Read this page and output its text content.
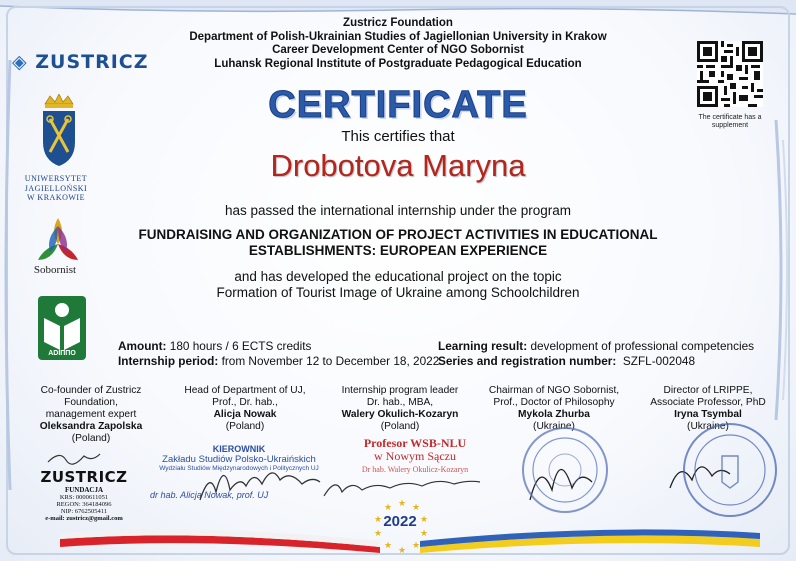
Zustricz Foundation
Department of Polish-Ukrainian Studies of Jagiellonian University in Krakow
Career Development Center of NGO Sobornist
Luhansk Regional Institute of Postgraduate Pedagogical Education
◈ ZUSTRICZ
UNIWERSYTET
JAGIELLOŃSKI
W KRAKOWIE
Sobornist
ADIППО
The certificate has a supplement
CERTIFICATE
This certifies that
Drobotova Maryna
has passed the international internship under the program
FUNDRAISING AND ORGANIZATION OF PROJECT ACTIVITIES IN EDUCATIONAL
ESTABLISHMENTS: EUROPEAN EXPERIENCE
and has developed the educational project on the topic
Formation of Tourist Image of Ukraine among Schoolchildren
Amount: 180 hours / 6 ECTS credits
Internship period: from November 12 to December 18, 2022
Learning result: development of professional competencies
Series and registration number: SZFL-002048
Co-founder of Zustricz Foundation,
management expert
Oleksandra Zapolska
(Poland)
Head of Department of UJ,
Prof., Dr. hab.,
Alicja Nowak
(Poland)
Internship program leader
Dr. hab., MBA,
Walery Okulich-Kozaryn
(Poland)
Chairman of NGO Sobornist,
Prof., Doctor of Philosophy
Mykola Zhurba
(Ukraine)
Director of LRIPPE,
Associate Professor, PhD
Iryna Tsymbal
(Ukraine)
ZUSTRICZ
FUNDACJA
KRS: 0000611051
REGON: 364184096
NIP: 6762505411
e-mail: zustricz@gmail.com
KIEROWNIK
Zakładu Studiów Polsko-Ukraińskich
Wydziału Studiów Międzynarodowych i Politycznych UJ
dr hab. Alicja Nowak, prof. UJ
Profesor WSB-NLU
w Nowym Sączu
Dr hab. Walery Okulicz-Kozaryn
★ ★
★
★
★
★
★
★
★
★
2022
